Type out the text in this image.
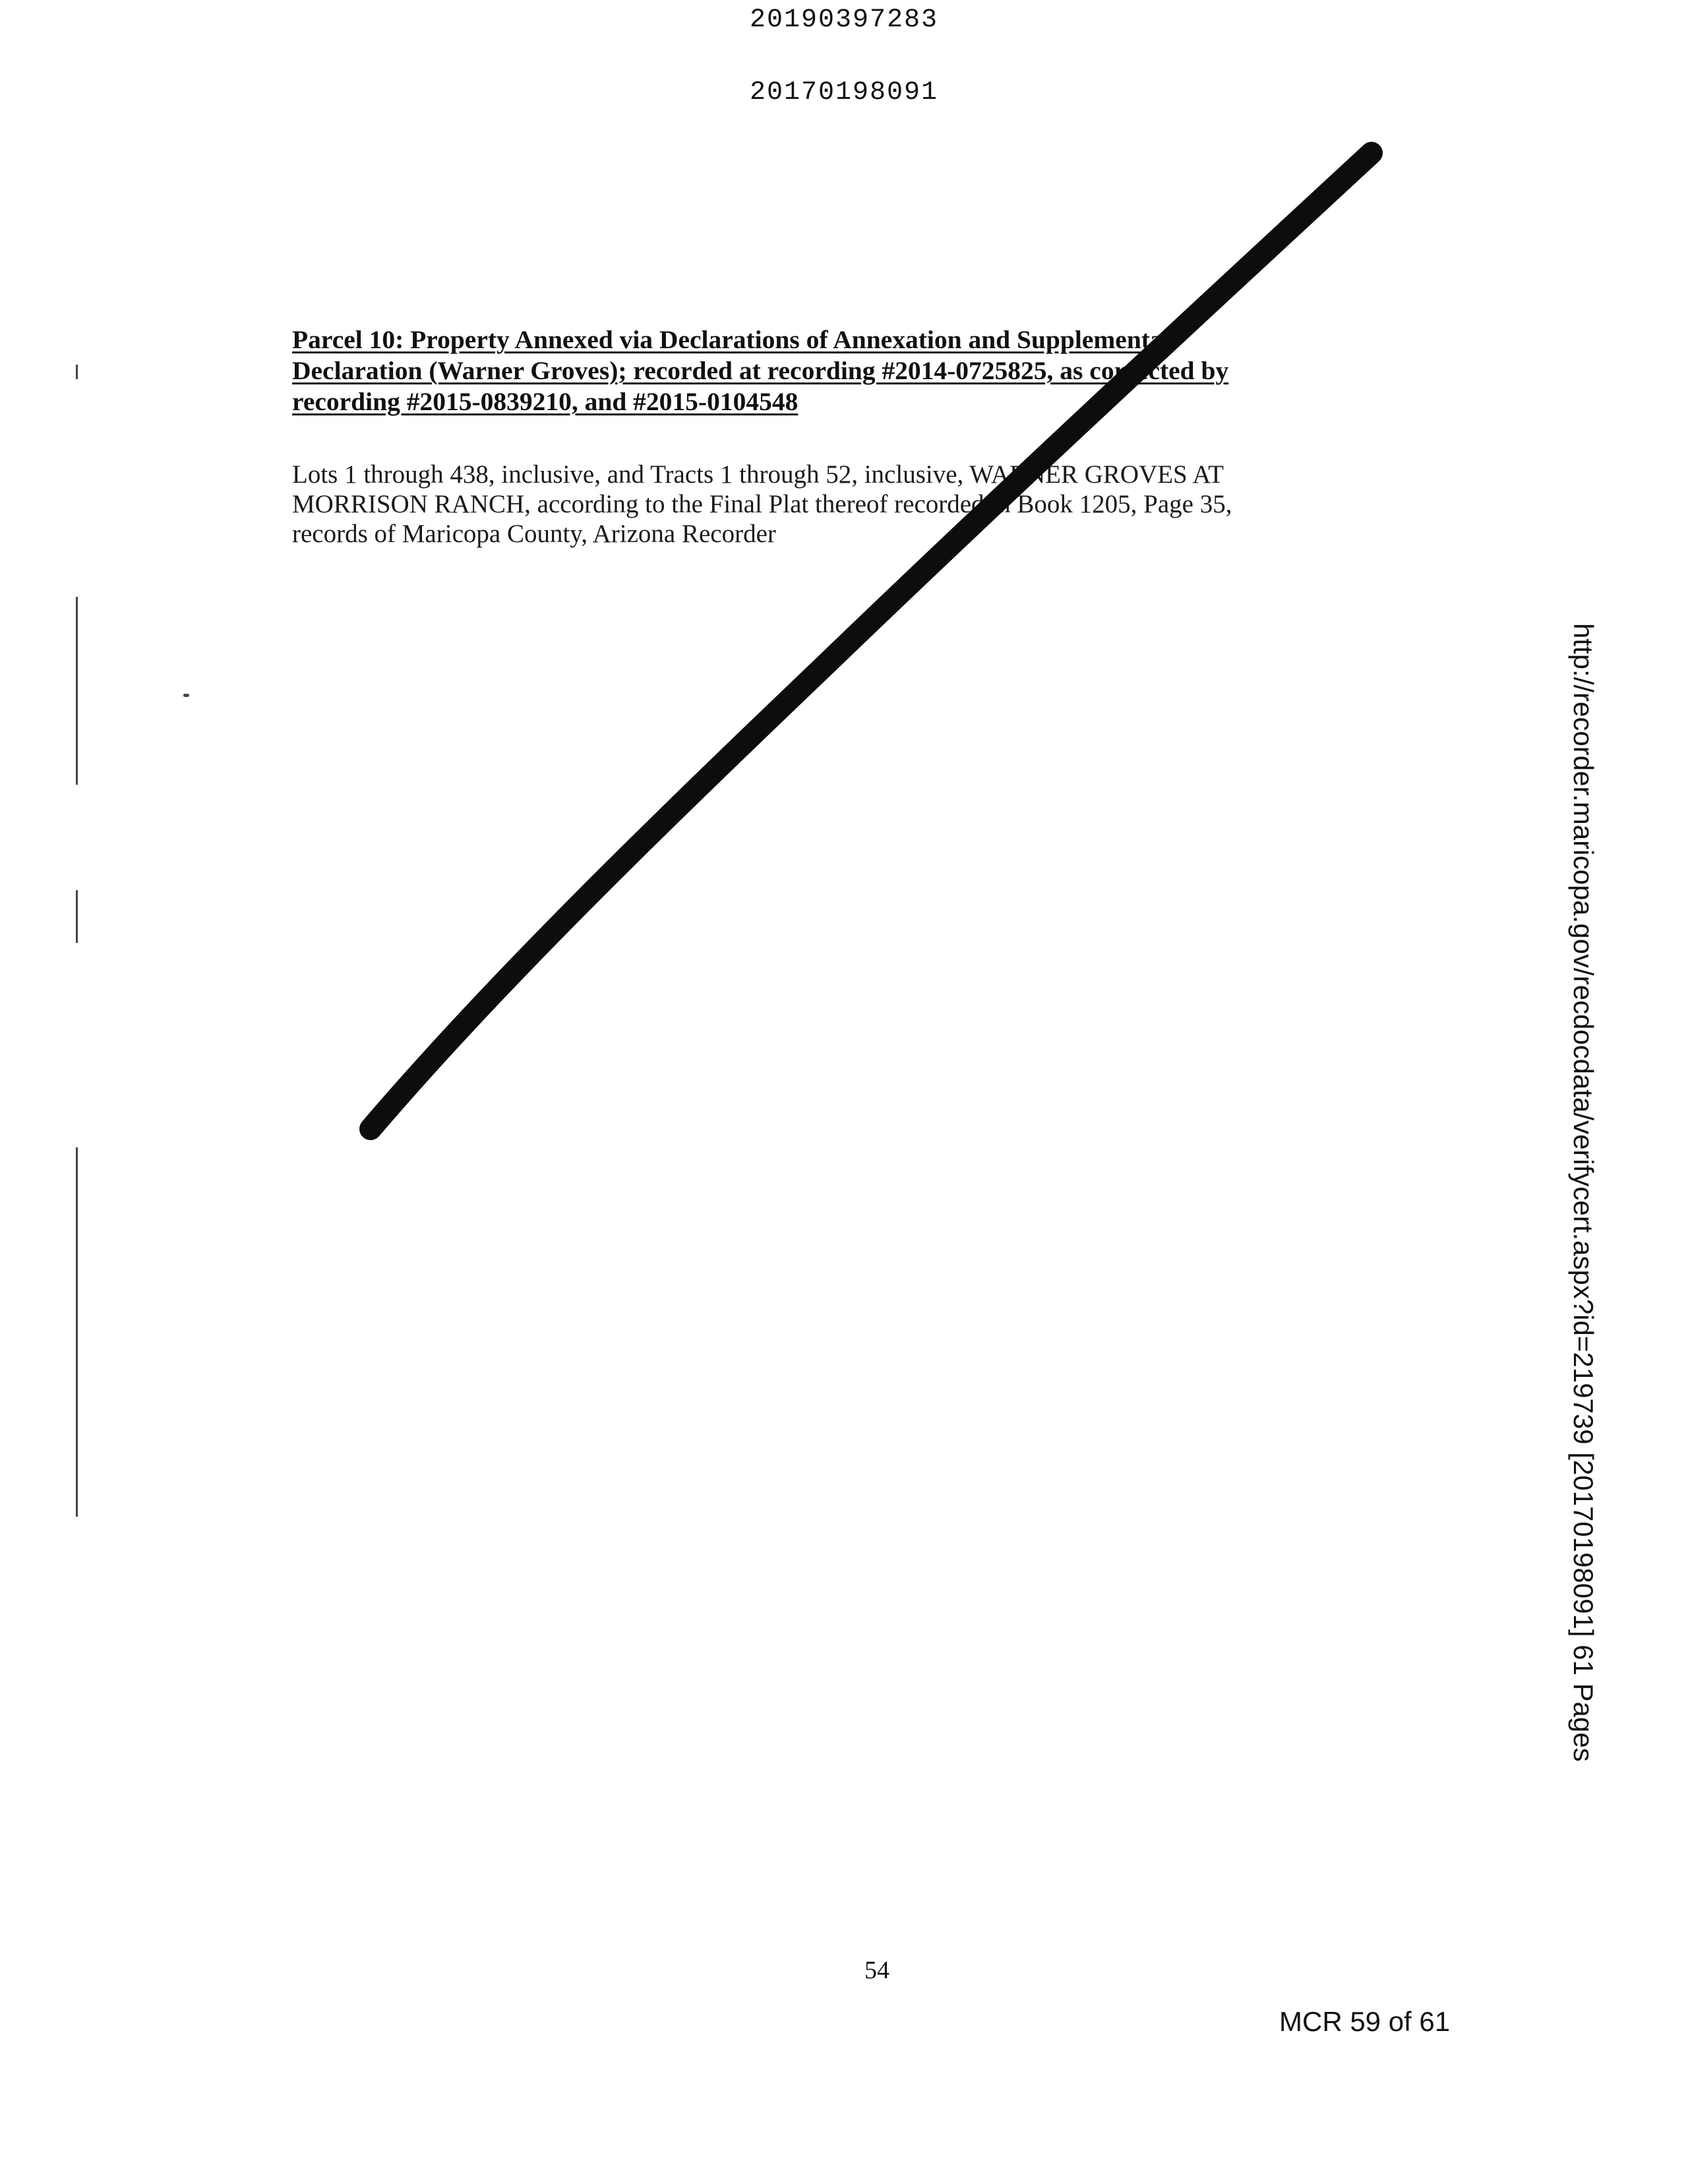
20190397283
20170198091
Parcel 10: Property Annexed via Declarations of Annexation and Supplemental
Declaration (Warner Groves); recorded at recording #2014-0725825, as corrected by
recording #2015-0839210, and #2015-0104548
Lots 1 through 438, inclusive, and Tracts 1 through 52, inclusive, WARNER GROVES AT
MORRISON RANCH, according to the Final Plat thereof recorded in Book 1205, Page 35,
records of Maricopa County, Arizona Recorder
54
MCR 59 of 61
http://recorder.maricopa.gov/recdocdata/verifycert.aspx?id=219739 [20170198091] 61 Pages
